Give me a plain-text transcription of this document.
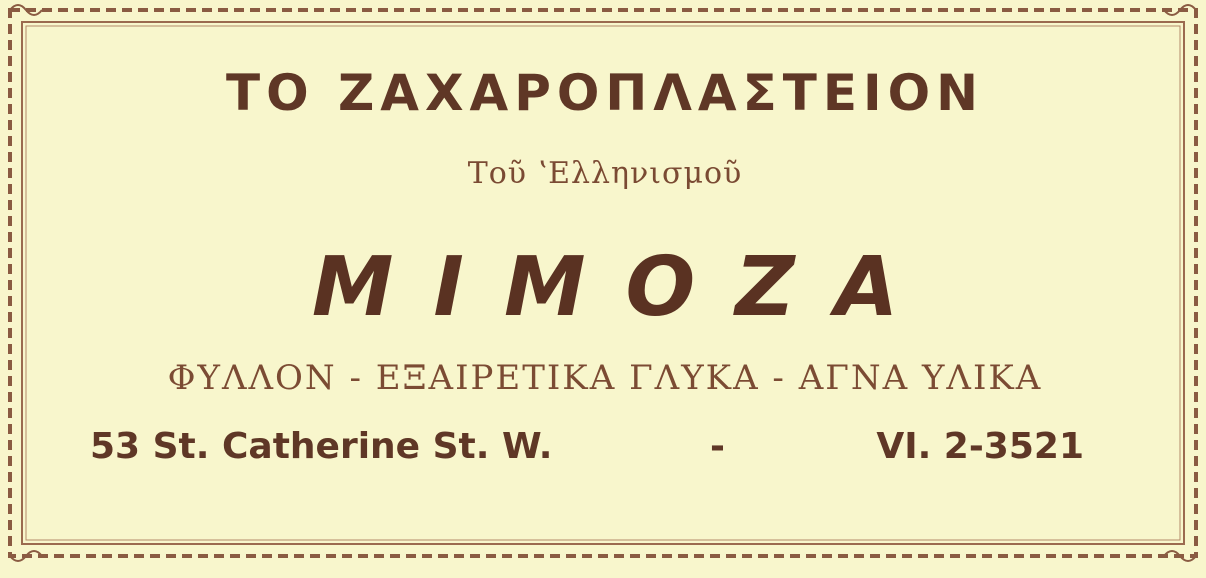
ΤΟ ΖΑΧΑΡΟΠΛΑΣΤΕΙΟΝ
Τοῦ ʽΕλληνισμοῦ
ΜΙΜΟΖΑ
ΦΥΛΛΟΝ - ΕΞΑΙΡΕΤΙΚΑ ΓΛΥΚΑ - ΑΓΝΑ ΥΛΙΚΑ
53 St. Catherine St. W.	-	VI. 2-3521
